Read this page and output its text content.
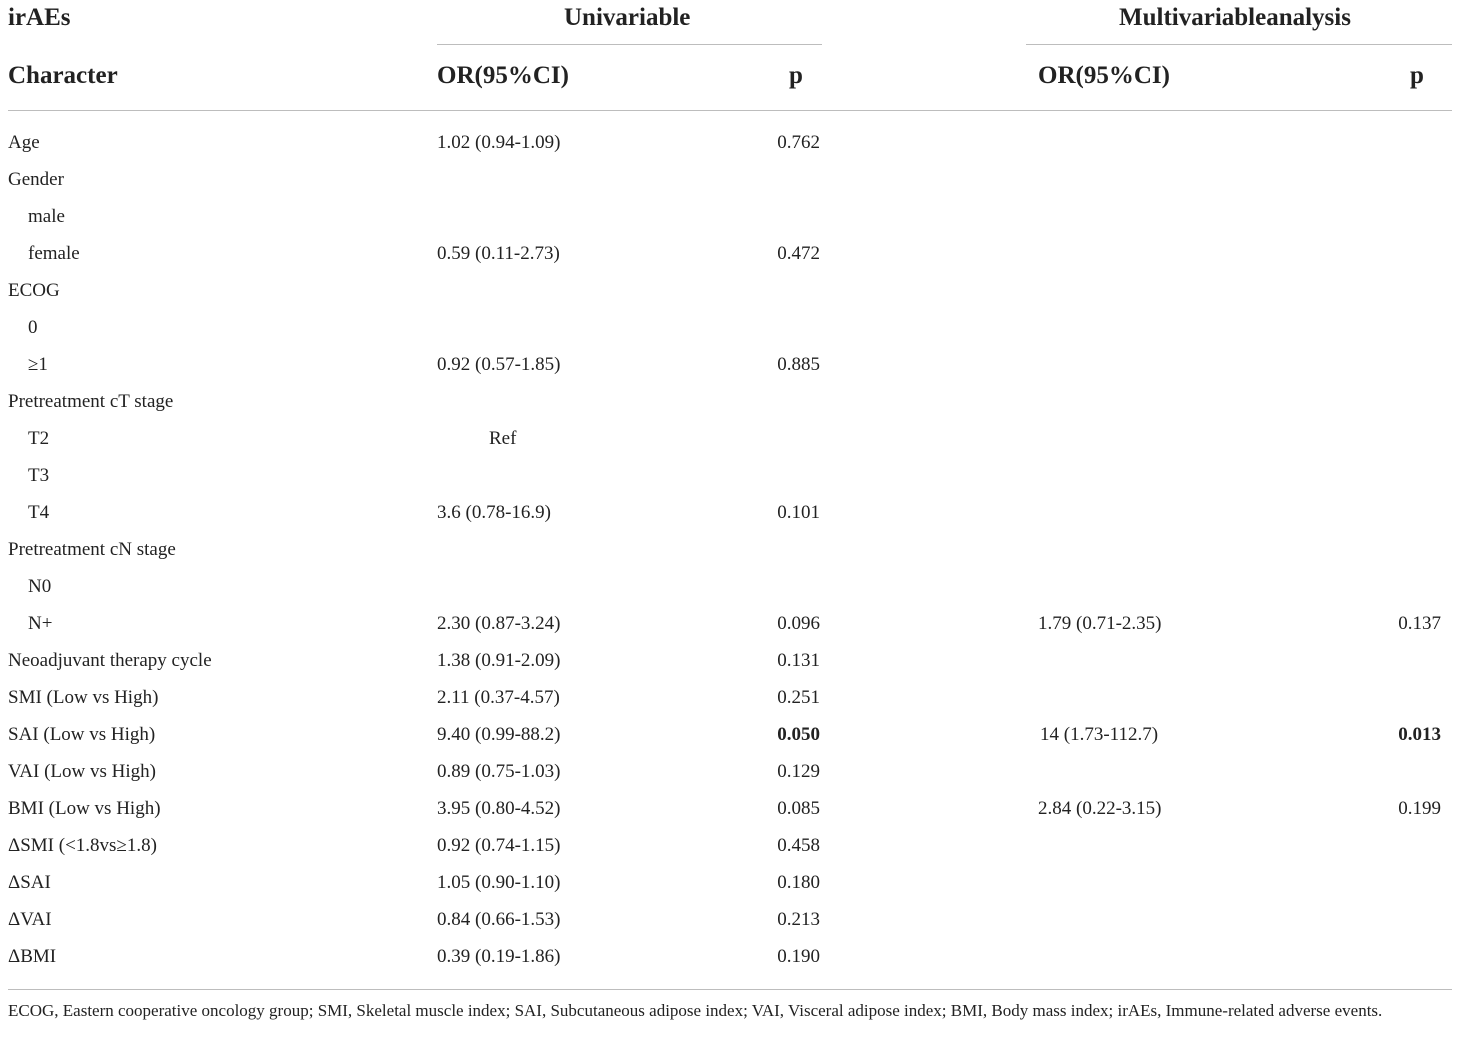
irAEs	Univariable	Multivariableanalysis
Character	OR(95%CI)	p	OR(95%CI)	p
Age	1.02 (0.94-1.09)	0.762
Gender
male
female	0.59 (0.11-2.73)	0.472
ECOG
0
≥1	0.92 (0.57-1.85)	0.885
Pretreatment cT stage
T2	Ref
T3
T4	3.6 (0.78-16.9)	0.101
Pretreatment cN stage
N0
N+	2.30 (0.87-3.24)	0.096	1.79 (0.71-2.35)	0.137
Neoadjuvant therapy cycle	1.38 (0.91-2.09)	0.131
SMI (Low vs High)	2.11 (0.37-4.57)	0.251
SAI (Low vs High)	9.40 (0.99-88.2)	0.050	14 (1.73-112.7)	0.013
VAI (Low vs High)	0.89 (0.75-1.03)	0.129
BMI (Low vs High)	3.95 (0.80-4.52)	0.085	2.84 (0.22-3.15)	0.199
ΔSMI (<1.8vs≥1.8)	0.92 (0.74-1.15)	0.458
ΔSAI	1.05 (0.90-1.10)	0.180
ΔVAI	0.84 (0.66-1.53)	0.213
ΔBMI	0.39 (0.19-1.86)	0.190
ECOG, Eastern cooperative oncology group; SMI, Skeletal muscle index; SAI, Subcutaneous adipose index; VAI, Visceral adipose index; BMI, Body mass index; irAEs, Immune-related adverse events.
